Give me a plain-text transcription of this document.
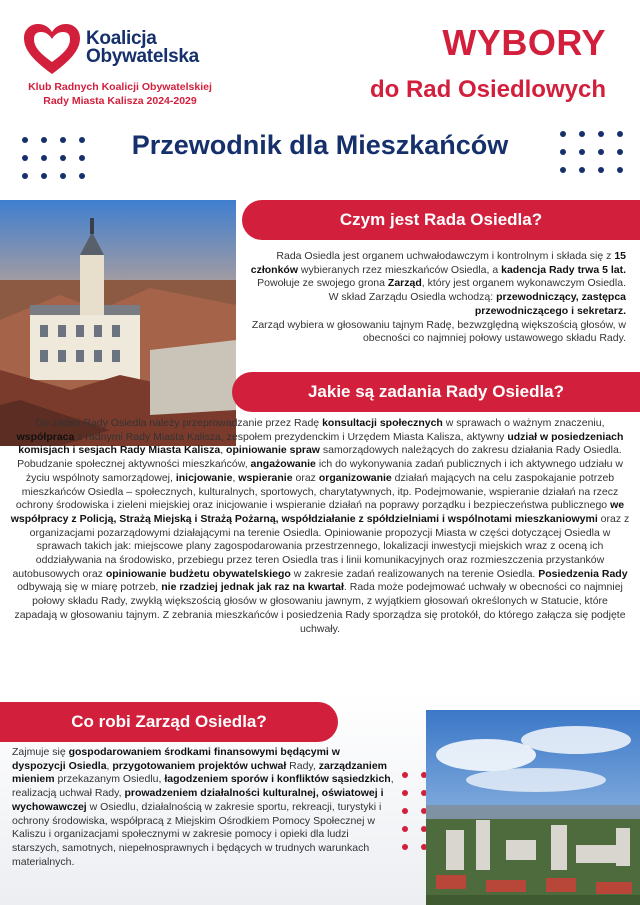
Koalicja
Obywatelska
Klub Radnych Koalicji Obywatelskiej
Rady Miasta Kalisza 2024-2029
WYBORY
do Rad Osiedlowych
Przewodnik dla Mieszkańców
Czym jest Rada Osiedla?

Rada Osiedla jest organem uchwałodawczym i kontrolnym i składa się z 15 członków wybieranych rzez mieszkańców Osiedla, a kadencja Rady trwa 5 lat. Powołuje ze swojego grona Zarząd, który jest organem wykonawczym Osiedla.

W skład Zarządu Osiedla wchodzą: przewodniczący, zastępca przewodniczącego i sekretarz.

Zarząd wybiera w głosowaniu tajnym Radę, bezwzględną większością głosów, w obecności co najmniej połowy ustawowego składu Rady.

Jakie są zadania Rady Osiedla?

Do zadań Rady Osiedla należy przeprowadzanie przez Radę konsultacji społecznych w sprawach o ważnym znaczeniu, współpraca z radnymi Rady Miasta Kalisza, zespołem prezydenckim i Urzędem Miasta Kalisza, aktywny udział w posiedzeniach komisjach i sesjach Rady Miasta Kalisza, opiniowanie spraw samorządowych należących do zakresu działania Rady Osiedla. Pobudzanie społecznej aktywności mieszkańców, angażowanie ich do wykonywania zadań publicznych i ich aktywnego udziału w życiu wspólnoty samorządowej, inicjowanie, wspieranie oraz organizowanie działań mających na celu zaspokajanie potrzeb mieszkańców Osiedla – społecznych, kulturalnych, sportowych, charytatywnych, itp. Podejmowanie, wspieranie działań na rzecz ochrony środowiska i zieleni miejskiej oraz inicjowanie i wspieranie działań na poprawy porządku i bezpieczeństwa publicznego we współpracy z Policją, Strażą Miejską i Strażą Pożarną, współdziałanie z spółdzielniami i wspólnotami mieszkaniowymi oraz z organizacjami pozarządowymi działającymi na terenie Osiedla. Opiniowanie propozycji Miasta w części dotyczącej Osiedla w sprawach takich jak: miejscowe plany zagospodarowania przestrzennego, lokalizacji inwestycji miejskich wraz z oceną ich oddziaływania na środowisko, przebiegu przez teren Osiedla tras i linii komunikacyjnych oraz rozmieszczenia przystanków autobusowych oraz opiniowanie budżetu obywatelskiego w zakresie zadań realizowanych na terenie Osiedla. Posiedzenia Rady odbywają się w miarę potrzeb, nie rzadziej jednak jak raz na kwartał. Rada może podejmować uchwały w obecności co najmniej połowy składu Rady, zwykłą większością głosów w głosowaniu jawnym, z wyjątkiem głosowań określonych w Statucie, które zapadają w głosowaniu tajnym. Z zebrania mieszkańców i posiedzenia Rady sporządza się protokół, do którego załącza się podjęte uchwały.

Co robi Zarząd Osiedla?

Zajmuje się gospodarowaniem środkami finansowymi będącymi w dyspozycji Osiedla, przygotowaniem projektów uchwał Rady, zarządzaniem mieniem przekazanym Osiedlu, łagodzeniem sporów i konfliktów sąsiedzkich, realizacją uchwał Rady, prowadzeniem działalności kulturalnej, oświatowej i wychowawczej w Osiedlu, działalnością w zakresie sportu, rekreacji, turystyki i ochrony środowiska, współpracą z Miejskim Ośrodkiem Pomocy Społecznej w Kaliszu i organizacjami społecznymi w zakresie pomocy i opieki dla ludzi starszych, samotnych, niepełnosprawnych i będących w trudnych warunkach materialnych.
